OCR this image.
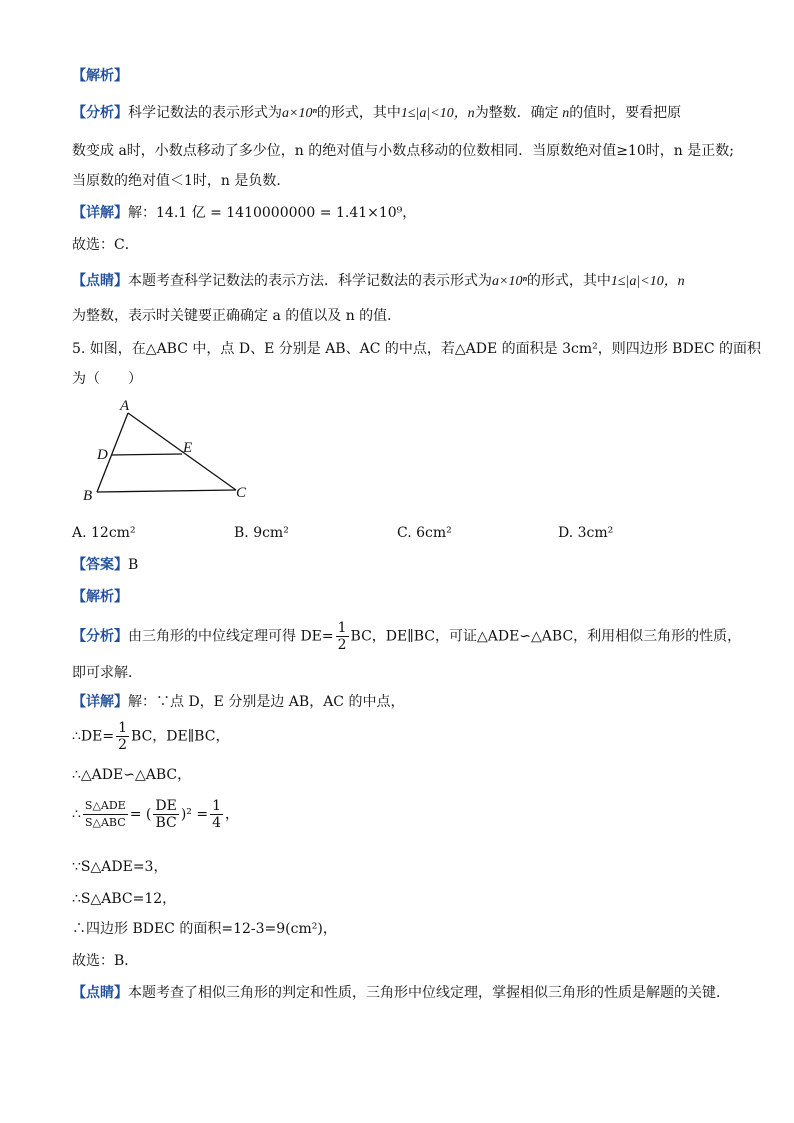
【解析】
【分析】科学记数法的表示形式为a×10ⁿ的形式，其中1≤|a|<10，n为整数．确定 n的值时，要看把原
数变成 a时，小数点移动了多少位，n 的绝对值与小数点移动的位数相同．当原数绝对值≥10时，n 是正数;
当原数的绝对值＜1时，n 是负数．
【详解】解：14.1 亿 = 1410000000 = 1.41×10⁹，
故选：C．
【点睛】本题考查科学记数法的表示方法．科学记数法的表示形式为a×10ⁿ的形式，其中1≤|a|<10，n
为整数，表示时关键要正确确定 a 的值以及 n 的值．
5. 如图，在△ABC 中，点 D、E 分别是 AB、AC 的中点，若△ADE 的面积是 3cm²，则四边形 BDEC 的面积
为（　　）
A
D	E
B	C
A. 12cm²	B. 9cm²	C. 6cm²	D. 3cm²
【答案】B
【解析】
【分析】由三角形的中位线定理可得 $DE= \frac{1}{2}$ BC，DE∥BC，可证△ADE∽△ABC，利用相似三角形的性质，
即可求解．
【详解】解：∵点 D，E 分别是边 AB，AC 的中点，
∴DE= $\frac{1}{2}$ BC，DE∥BC，
∴△ADE∽△ABC，
∴ $\frac{\text{S△ADE}}{\text{S△ABC}}$ = ( $\frac{DE}{BC} )^2 = \frac{1}{4}$ ，
∵S△ADE=3，
∴S△ABC=12，
∴四边形 BDEC 的面积=12-3=9(cm²)，
故选：B．
【点睛】本题考查了相似三角形的判定和性质，三角形中位线定理，掌握相似三角形的性质是解题的关键．
